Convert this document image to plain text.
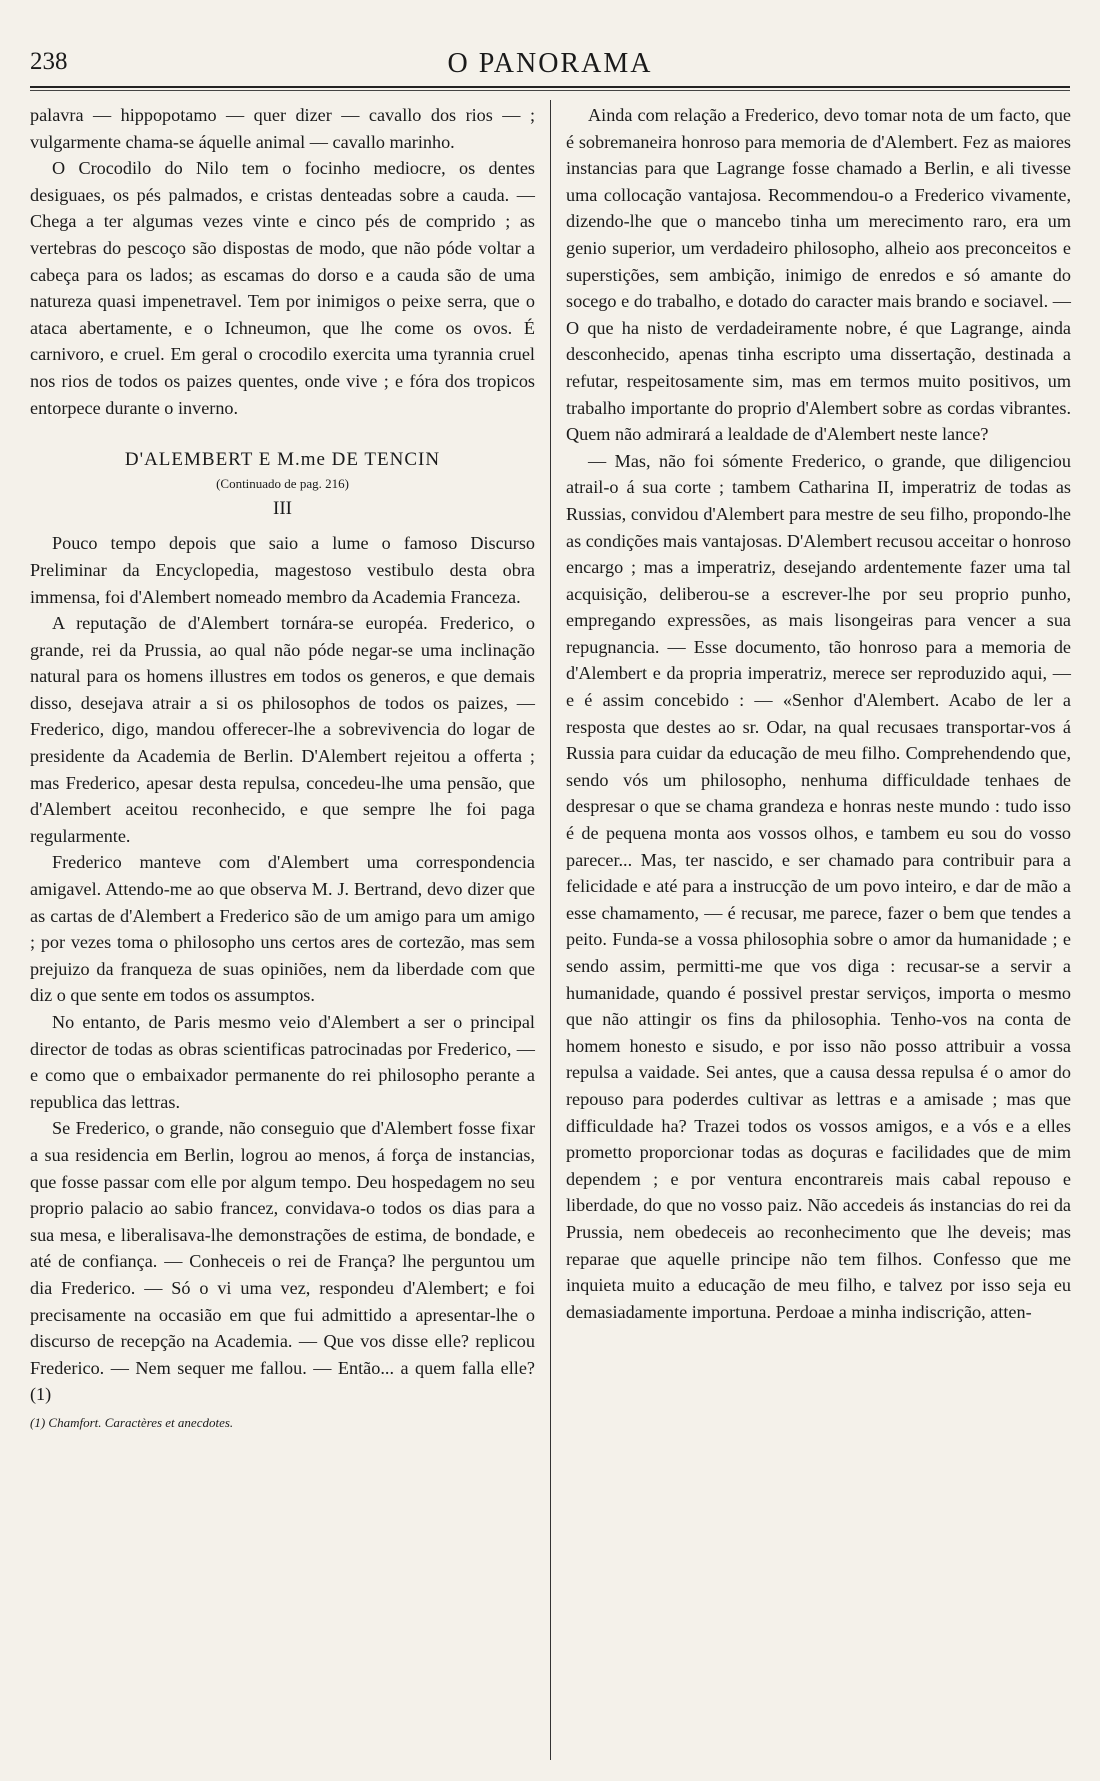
238	O PANORAMA

palavra — hippopotamo — quer dizer — cavallo dos rios — ; vulgarmente chama-se áquelle animal — cavallo marinho.

O Crocodilo do Nilo tem o focinho mediocre, os dentes desiguaes, os pés palmados, e cristas denteadas sobre a cauda. — Chega a ter algumas vezes vinte e cinco pés de comprido ; as vertebras do pescoço são dispostas de modo, que não póde voltar a cabeça para os lados; as escamas do dorso e a cauda são de uma natureza quasi impenetravel. Tem por inimigos o peixe serra, que o ataca abertamente, e o Ichneumon, que lhe come os ovos. É carnivoro, e cruel. Em geral o crocodilo exercita uma tyrannia cruel nos rios de todos os paizes quentes, onde vive ; e fóra dos tropicos entorpece durante o inverno.

D'ALEMBERT E M.me DE TENCIN
(Continuado de pag. 216)
III

Pouco tempo depois que saio a lume o famoso Discurso Preliminar da Encyclopedia, magestoso vestibulo desta obra immensa, foi d'Alembert nomeado membro da Academia Franceza.

A reputação de d'Alembert tornára-se européa. Frederico, o grande, rei da Prussia, ao qual não póde negar-se uma inclinação natural para os homens illustres em todos os generos, e que demais disso, desejava atrair a si os philosophos de todos os paizes, — Frederico, digo, mandou offerecer-lhe a sobrevivencia do logar de presidente da Academia de Berlin. D'Alembert rejeitou a offerta ; mas Frederico, apesar desta repulsa, concedeu-lhe uma pensão, que d'Alembert aceitou reconhecido, e que sempre lhe foi paga regularmente.

Frederico manteve com d'Alembert uma correspondencia amigavel. Attendo-me ao que observa M. J. Bertrand, devo dizer que as cartas de d'Alembert a Frederico são de um amigo para um amigo ; por vezes toma o philosopho uns certos ares de cortezão, mas sem prejuizo da franqueza de suas opiniões, nem da liberdade com que diz o que sente em todos os assumptos.

No entanto, de Paris mesmo veio d'Alembert a ser o principal director de todas as obras scientificas patrocinadas por Frederico, — e como que o embaixador permanente do rei philosopho perante a republica das lettras.

Se Frederico, o grande, não conseguio que d'Alembert fosse fixar a sua residencia em Berlin, logrou ao menos, á força de instancias, que fosse passar com elle por algum tempo. Deu hospedagem no seu proprio palacio ao sabio francez, convidava-o todos os dias para a sua mesa, e liberalisava-lhe demonstrações de estima, de bondade, e até de confiança. — Conheceis o rei de França? lhe perguntou um dia Frederico. — Só o vi uma vez, respondeu d'Alembert; e foi precisamente na occasião em que fui admittido a apresentar-lhe o discurso de recepção na Academia. — Que vos disse elle? replicou Frederico. — Nem sequer me fallou. — Então... a quem falla elle? (1)

(1) Chamfort. Caractères et anecdotes.

Ainda com relação a Frederico, devo tomar nota de um facto, que é sobremaneira honroso para memoria de d'Alembert. Fez as maiores instancias para que Lagrange fosse chamado a Berlin, e ali tivesse uma collocação vantajosa. Recommendou-o a Frederico vivamente, dizendo-lhe que o mancebo tinha um merecimento raro, era um genio superior, um verdadeiro philosopho, alheio aos preconceitos e superstições, sem ambição, inimigo de enredos e só amante do socego e do trabalho, e dotado do caracter mais brando e sociavel. — O que ha nisto de verdadeiramente nobre, é que Lagrange, ainda desconhecido, apenas tinha escripto uma dissertação, destinada a refutar, respeitosamente sim, mas em termos muito positivos, um trabalho importante do proprio d'Alembert sobre as cordas vibrantes. Quem não admirará a lealdade de d'Alembert neste lance?

— Mas, não foi sómente Frederico, o grande, que diligenciou atrail-o á sua corte ; tambem Catharina II, imperatriz de todas as Russias, convidou d'Alembert para mestre de seu filho, propondo-lhe as condições mais vantajosas. D'Alembert recusou acceitar o honroso encargo ; mas a imperatriz, desejando ardentemente fazer uma tal acquisição, deliberou-se a escrever-lhe por seu proprio punho, empregando expressões, as mais lisongeiras para vencer a sua repugnancia. — Esse documento, tão honroso para a memoria de d'Alembert e da propria imperatriz, merece ser reproduzido aqui, — e é assim concebido : — «Senhor d'Alembert. Acabo de ler a resposta que destes ao sr. Odar, na qual recusaes transportar-vos á Russia para cuidar da educação de meu filho. Comprehendendo que, sendo vós um philosopho, nenhuma difficuldade tenhaes de despresar o que se chama grandeza e honras neste mundo : tudo isso é de pequena monta aos vossos olhos, e tambem eu sou do vosso parecer... Mas, ter nascido, e ser chamado para contribuir para a felicidade e até para a instrucção de um povo inteiro, e dar de mão a esse chamamento, — é recusar, me parece, fazer o bem que tendes a peito. Funda-se a vossa philosophia sobre o amor da humanidade ; e sendo assim, permitti-me que vos diga : recusar-se a servir a humanidade, quando é possivel prestar serviços, importa o mesmo que não attingir os fins da philosophia. Tenho-vos na conta de homem honesto e sisudo, e por isso não posso attribuir a vossa repulsa a vaidade. Sei antes, que a causa dessa repulsa é o amor do repouso para poderdes cultivar as lettras e a amisade ; mas que difficuldade ha? Trazei todos os vossos amigos, e a vós e a elles prometto proporcionar todas as doçuras e facilidades que de mim dependem ; e por ventura encontrareis mais cabal repouso e liberdade, do que no vosso paiz. Não accedeis ás instancias do rei da Prussia, nem obedeceis ao reconhecimento que lhe deveis; mas reparae que aquelle principe não tem filhos. Confesso que me inquieta muito a educação de meu filho, e talvez por isso seja eu demasiadamente importuna. Perdoae a minha indiscrição, atten-
